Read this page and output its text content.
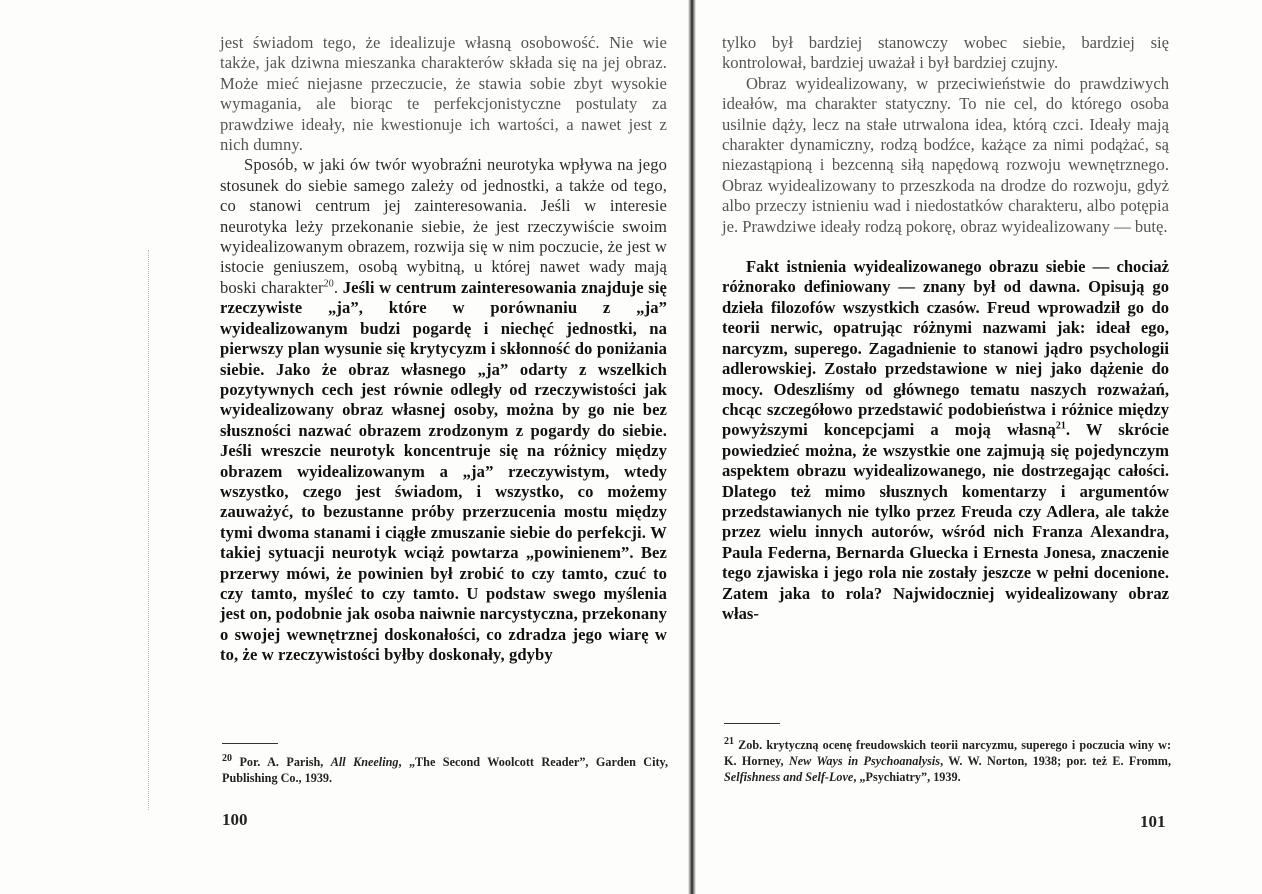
jest świadom tego, że idealizuje własną osobowość. Nie wie także, jak dziwna mieszanka charakterów składa się na jej obraz. Może mieć niejasne przeczucie, że stawia sobie zbyt wysokie wymagania, ale biorąc te perfekcjonistyczne postulaty za prawdziwe ideały, nie kwestionuje ich wartości, a nawet jest z nich dumny.

Sposób, w jaki ów twór wyobraźni neurotyka wpływa na jego stosunek do siebie samego zależy od jednostki, a także od tego, co stanowi centrum jej zainteresowania. Jeśli w interesie neurotyka leży przekonanie siebie, że jest rzeczywiście swoim wyidealizowanym obrazem, rozwija się w nim poczucie, że jest w istocie geniuszem, osobą wybitną, u której nawet wady mają boski charakter$^{20}$. Jeśli w centrum zainteresowania znajduje się rzeczywiste „ja”, które w porównaniu z „ja” wyidealizowanym budzi pogardę i niechęć jednostki, na pierwszy plan wysunie się krytycyzm i skłonność do poniżania siebie. Jako że obraz własnego „ja” odarty z wszelkich pozytywnych cech jest równie odległy od rzeczywistości jak wyidealizowany obraz własnej osoby, można by go nie bez słuszności nazwać obrazem zrodzonym z pogardy do siebie. Jeśli wreszcie neurotyk koncentruje się na różnicy między obrazem wyidealizowanym a „ja” rzeczywistym, wtedy wszystko, czego jest świadom, i wszystko, co możemy zauważyć, to bezustanne próby przerzucenia mostu między tymi dwoma stanami i ciągłe zmuszanie siebie do perfekcji. W takiej sytuacji neurotyk wciąż powtarza „powinienem”. Bez przerwy mówi, że powinien był zrobić to czy tamto, czuć to czy tamto, myśleć to czy tamto. U podstaw swego myślenia jest on, podobnie jak osoba naiwnie narcystyczna, przekonany o swojej wewnętrznej doskonałości, co zdradza jego wiarę w to, że w rzeczywistości byłby doskonały, gdyby

$^{20}$ Por. A. Parish, All Kneeling, „The Second Woolcott Reader”, Garden City, Publishing Co., 1939.
100

tylko był bardziej stanowczy wobec siebie, bardziej się kontrolował, bardziej uważał i był bardziej czujny.

Obraz wyidealizowany, w przeciwieństwie do prawdziwych ideałów, ma charakter statyczny. To nie cel, do którego osoba usilnie dąży, lecz na stałe utrwalona idea, którą czci. Ideały mają charakter dynamiczny, rodzą bodźce, każące za nimi podążać, są niezastąpioną i bezcenną siłą napędową rozwoju wewnętrznego. Obraz wyidealizowany to przeszkoda na drodze do rozwoju, gdyż albo przeczy istnieniu wad i niedostatków charakteru, albo potępia je. Prawdziwe ideały rodzą pokorę, obraz wyidealizowany — butę.

Fakt istnienia wyidealizowanego obrazu siebie — chociaż różnorako definiowany — znany był od dawna. Opisują go dzieła filozofów wszystkich czasów. Freud wprowadził go do teorii nerwic, opatrując różnymi nazwami jak: ideał ego, narcyzm, superego. Zagadnienie to stanowi jądro psychologii adlerowskiej. Zostało przedstawione w niej jako dążenie do mocy. Odeszliśmy od głównego tematu naszych rozważań, chcąc szczegółowo przedstawić podobieństwa i różnice między powyższymi koncepcjami a moją własną$^{21}$. W skrócie powiedzieć można, że wszystkie one zajmują się pojedynczym aspektem obrazu wyidealizowanego, nie dostrzegając całości. Dlatego też mimo słusznych komentarzy i argumentów przedstawianych nie tylko przez Freuda czy Adlera, ale także przez wielu innych autorów, wśród nich Franza Alexandra, Paula Federna, Bernarda Gluecka i Ernesta Jonesa, znaczenie tego zjawiska i jego rola nie zostały jeszcze w pełni docenione. Zatem jaka to rola? Najwidoczniej wyidealizowany obraz włas-

$^{21}$ Zob. krytyczną ocenę freudowskich teorii narcyzmu, superego i poczucia winy w: K. Horney, New Ways in Psychoanalysis, W. W. Norton, 1938; por. też E. Fromm, Selfishness and Self-Love, „Psychiatry”, 1939.
101
